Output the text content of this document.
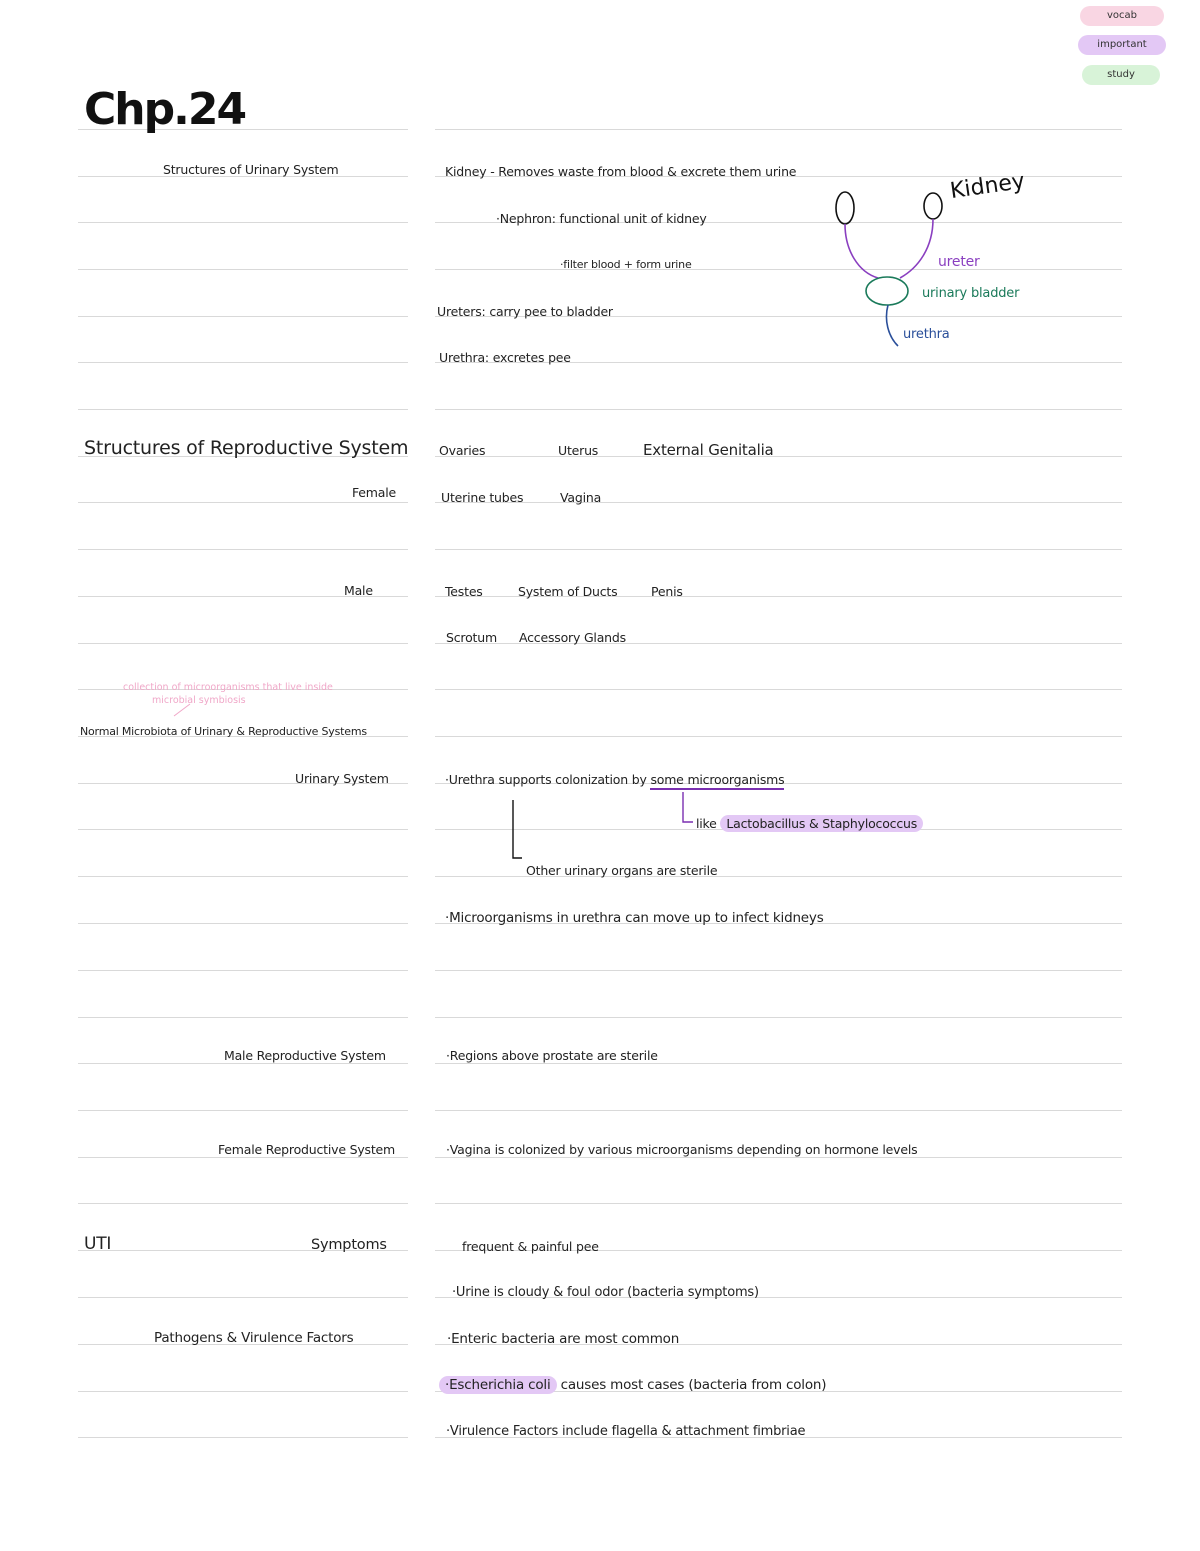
vocab
important
study
Chp.24
Structures of Urinary System	Kidney - Removes waste from blood & excrete them urine
·Nephron: functional unit of kidney
·filter blood + form urine
Ureters: carry pee to bladder
Urethra: excretes pee
Kidney
ureter
urinary bladder
urethra
Structures of Reproductive System
Female
Male
Ovaries	Uterus	External Genitalia
Uterine tubes	Vagina
Testes	System of Ducts	Penis
Scrotum Accessory Glands
collection of microorganisms that live inside
microbial symbiosis
Normal Microbiota of Urinary & Reproductive Systems
Urinary System	·Urethra supports colonization by some microorganisms
like Lactobacillus & Staphylococcus
Other urinary organs are sterile
·Microorganisms in urethra can move up to infect kidneys
Male Reproductive System	·Regions above prostate are sterile
Female Reproductive System	·Vagina is colonized by various microorganisms depending on hormone levels
UTI	Symptoms	frequent & painful pee
·Urine is cloudy & foul odor (bacteria symptoms)
Pathogens & Virulence Factors	·Enteric bacteria are most common
·Escherichia coli causes most cases (bacteria from colon)
·Virulence Factors include flagella & attachment fimbriae
